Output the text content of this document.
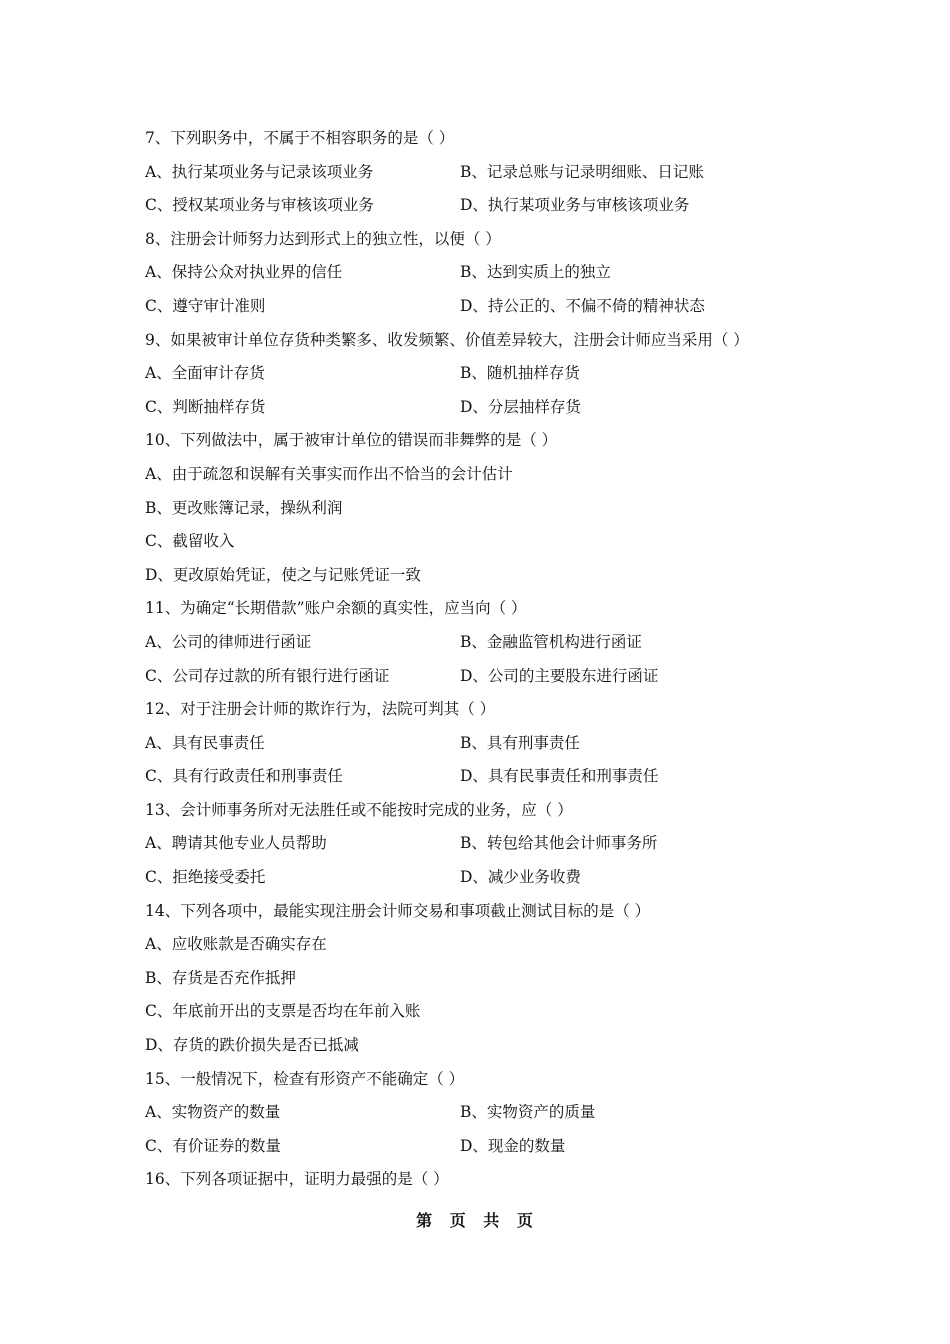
7、下列职务中，不属于不相容职务的是（ ）
A、执行某项业务与记录该项业务	B、记录总账与记录明细账、日记账
C、授权某项业务与审核该项业务	D、执行某项业务与审核该项业务
8、注册会计师努力达到形式上的独立性，以便（ ）
A、保持公众对执业界的信任	B、达到实质上的独立
C、遵守审计准则	D、持公正的、不偏不倚的精神状态
9、如果被审计单位存货种类繁多、收发频繁、价值差异较大，注册会计师应当采用（ ）
A、全面审计存货	B、随机抽样存货
C、判断抽样存货	D、分层抽样存货
10、下列做法中，属于被审计单位的错误而非舞弊的是（ ）
A、由于疏忽和误解有关事实而作出不恰当的会计估计
B、更改账簿记录，操纵利润
C、截留收入
D、更改原始凭证，使之与记账凭证一致
11、为确定“长期借款”账户余额的真实性，应当向（ ）
A、公司的律师进行函证	B、金融监管机构进行函证
C、公司存过款的所有银行进行函证	D、公司的主要股东进行函证
12、对于注册会计师的欺诈行为，法院可判其（ ）
A、具有民事责任	B、具有刑事责任
C、具有行政责任和刑事责任	D、具有民事责任和刑事责任
13、会计师事务所对无法胜任或不能按时完成的业务，应（ ）
A、聘请其他专业人员帮助	B、转包给其他会计师事务所
C、拒绝接受委托	D、减少业务收费
14、下列各项中，最能实现注册会计师交易和事项截止测试目标的是（ ）
A、应收账款是否确实存在
B、存货是否充作抵押
C、年底前开出的支票是否均在年前入账
D、存货的跌价损失是否已抵减
15、一般情况下，检查有形资产不能确定（ ）
A、实物资产的数量	B、实物资产的质量
C、有价证券的数量	D、现金的数量
16、下列各项证据中，证明力最强的是（ ）
第 页 共 页
